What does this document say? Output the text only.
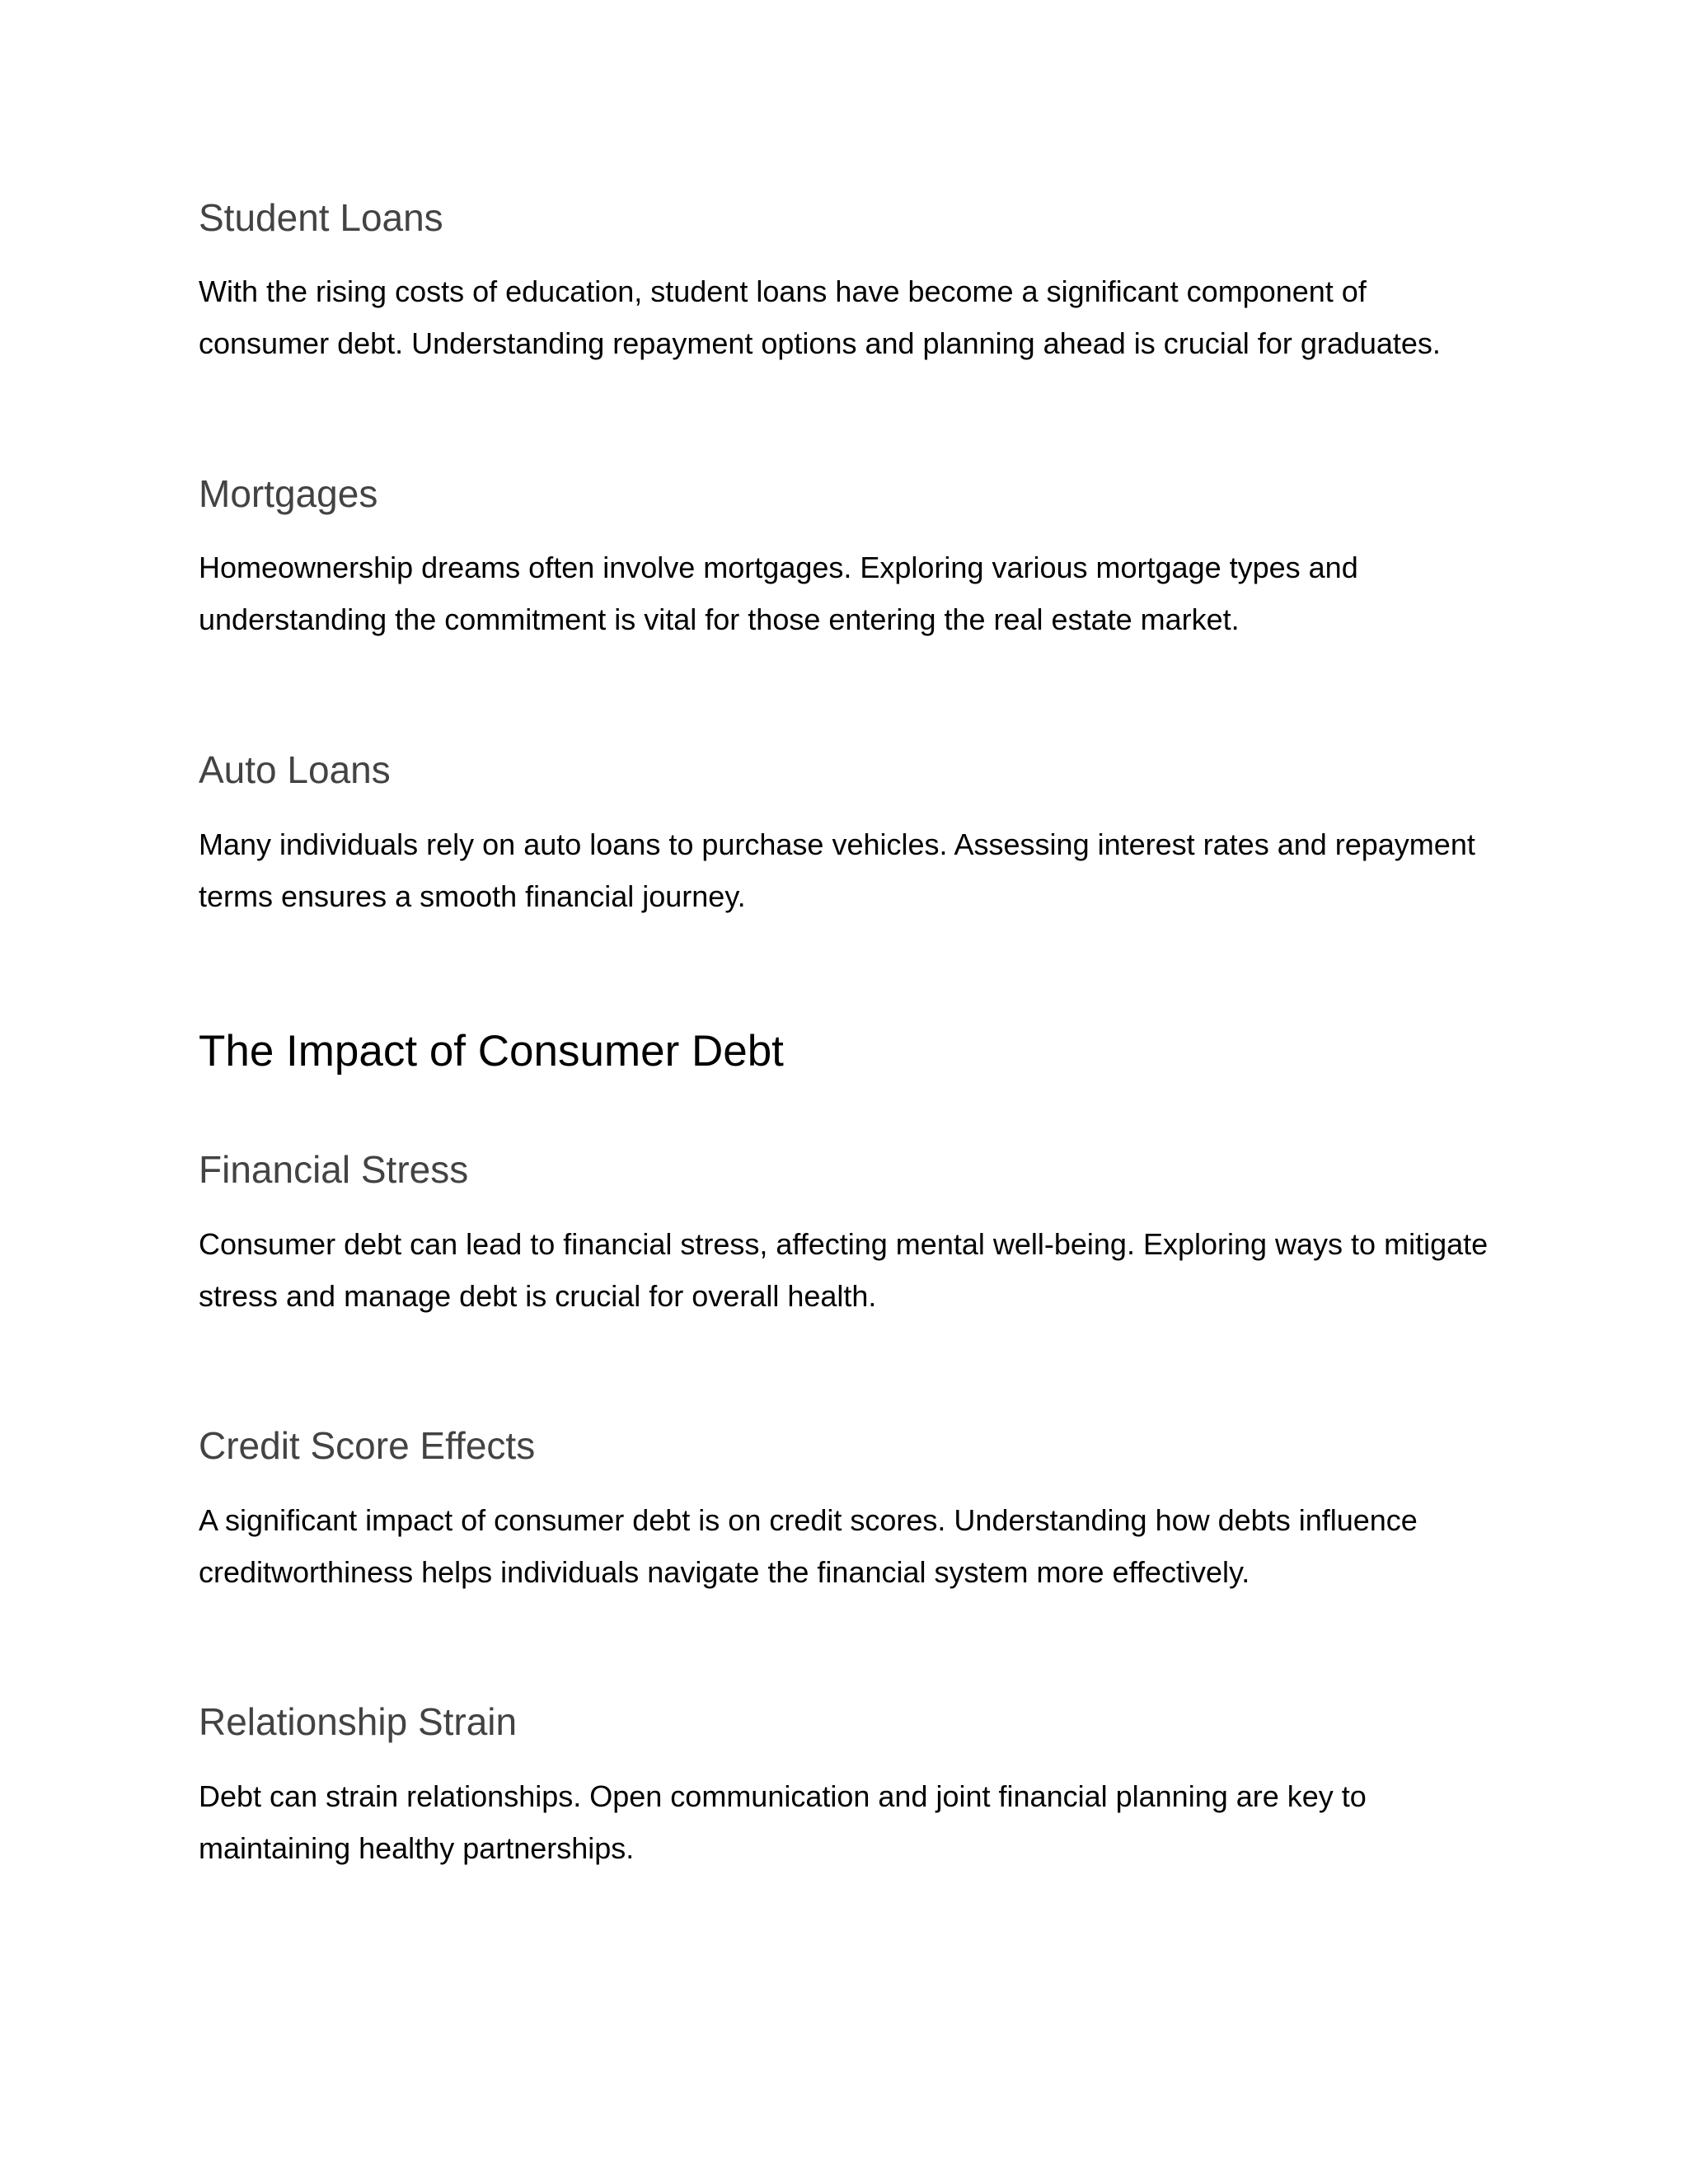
Student Loans

With the rising costs of education, student loans have become a significant component of consumer debt. Understanding repayment options and planning ahead is crucial for graduates.

Mortgages

Homeownership dreams often involve mortgages. Exploring various mortgage types and understanding the commitment is vital for those entering the real estate market.

Auto Loans

Many individuals rely on auto loans to purchase vehicles. Assessing interest rates and repayment terms ensures a smooth financial journey.

The Impact of Consumer Debt
Financial Stress

Consumer debt can lead to financial stress, affecting mental well-being. Exploring ways to mitigate stress and manage debt is crucial for overall health.

Credit Score Effects

A significant impact of consumer debt is on credit scores. Understanding how debts influence creditworthiness helps individuals navigate the financial system more effectively.

Relationship Strain

Debt can strain relationships. Open communication and joint financial planning are key to maintaining healthy partnerships.
